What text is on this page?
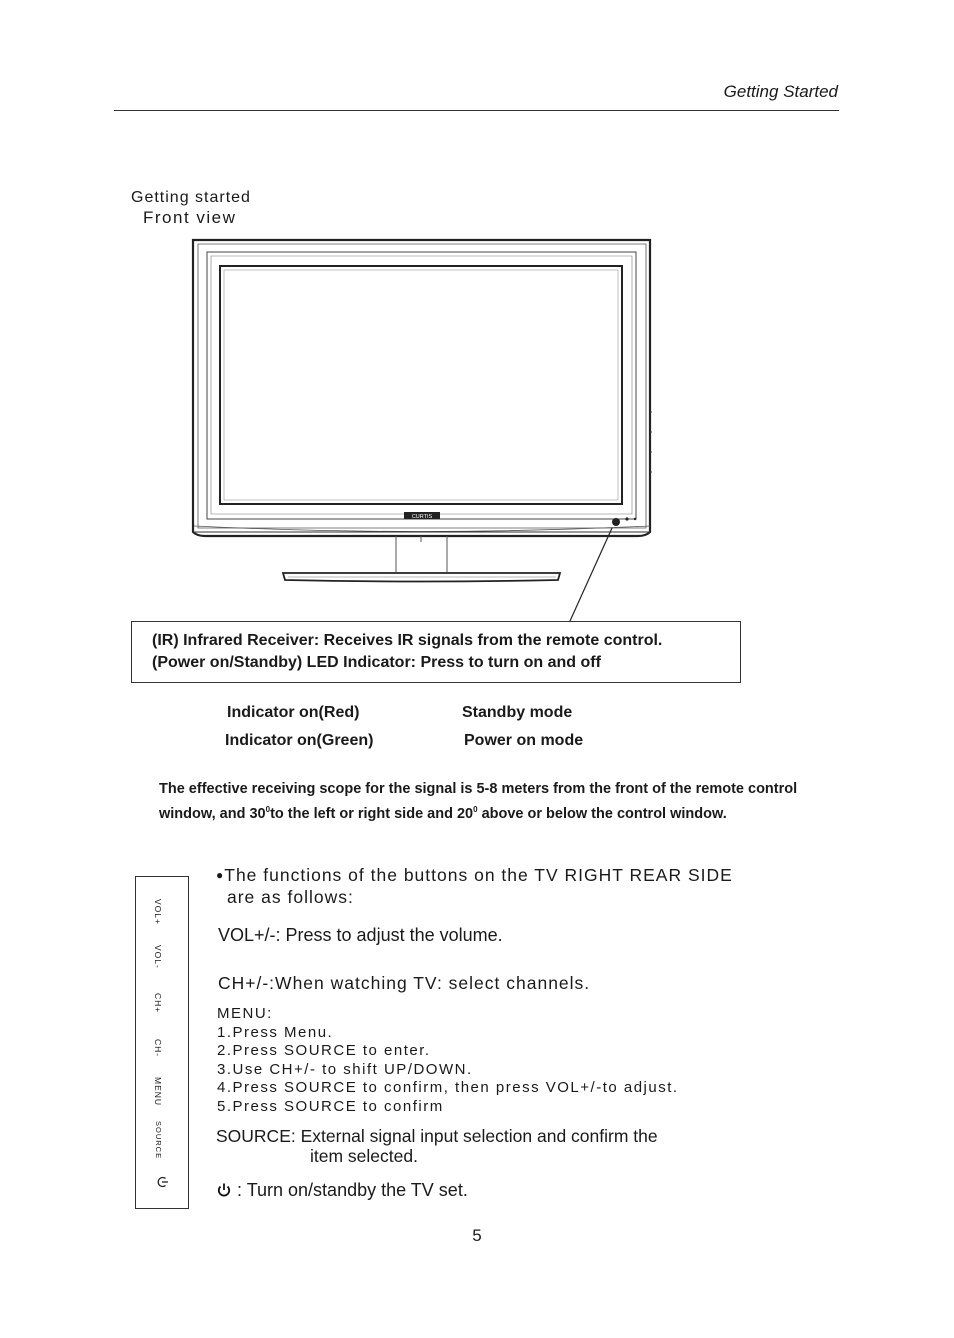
Getting Started
Getting started
Front view
CURTIS
(IR) Infrared Receiver: Receives IR signals from the remote control.
(Power on/Standby) LED Indicator: Press to turn on and off
Indicator on(Red)	Standby mode
Indicator on(Green)	Power on mode
The effective receiving scope for the signal is 5-8 meters from the front of the remote control window, and $30^0to$ the left or right side and $20^0$ above or below the control window.
VOL+
VOL-
CH+
CH-
MENU
SOURCE
●The functions of the buttons on the TV RIGHT REAR SIDE
are as follows:
VOL+/-: Press to adjust the volume.
CH+/-:When watching TV: select channels.
MENU:
1.Press Menu.
2.Press SOURCE to enter.
3.Use CH+/- to shift UP/DOWN.
4.Press SOURCE to confirm, then press VOL+/-to adjust.
5.Press SOURCE to confirm
SOURCE: External signal input selection and confirm the
item selected.
: Turn on/standby the TV set.
5
